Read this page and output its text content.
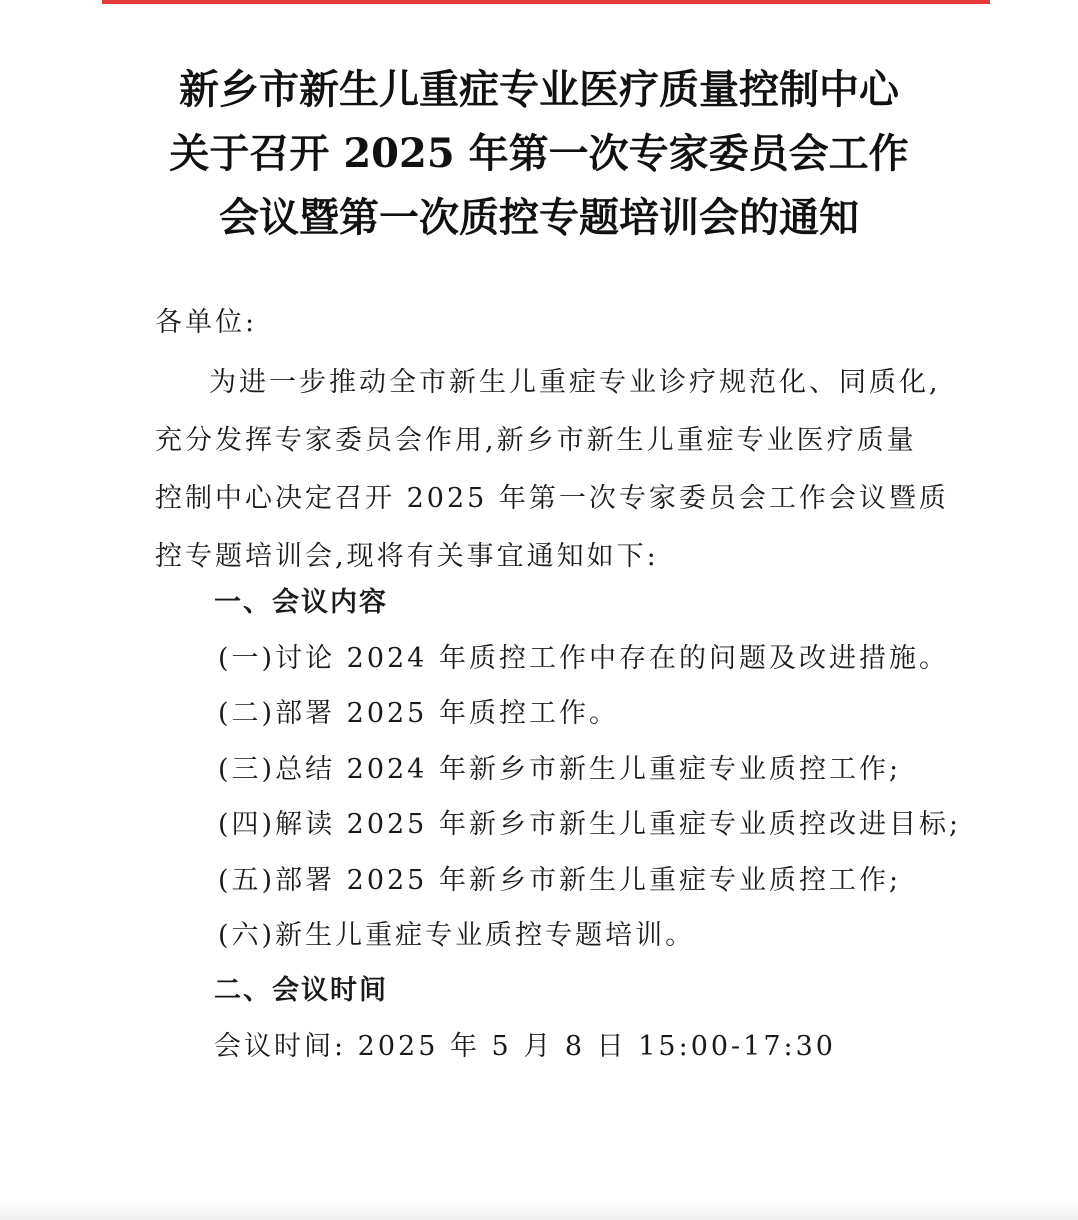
新乡市新生儿重症专业医疗质量控制中心
关于召开 2025 年第一次专家委员会工作
会议暨第一次质控专题培训会的通知
各单位:
为进一步推动全市新生儿重症专业诊疗规范化、同质化,
充分发挥专家委员会作用,新乡市新生儿重症专业医疗质量
控制中心决定召开 2025 年第一次专家委员会工作会议暨质
控专题培训会,现将有关事宜通知如下:
一、会议内容
(一)讨论 2024 年质控工作中存在的问题及改进措施。
(二)部署 2025 年质控工作。
(三)总结 2024 年新乡市新生儿重症专业质控工作;
(四)解读 2025 年新乡市新生儿重症专业质控改进目标;
(五)部署 2025 年新乡市新生儿重症专业质控工作;
(六)新生儿重症专业质控专题培训。
二、会议时间
会议时间: 2025 年 5 月 8 日 15:00-17:30
